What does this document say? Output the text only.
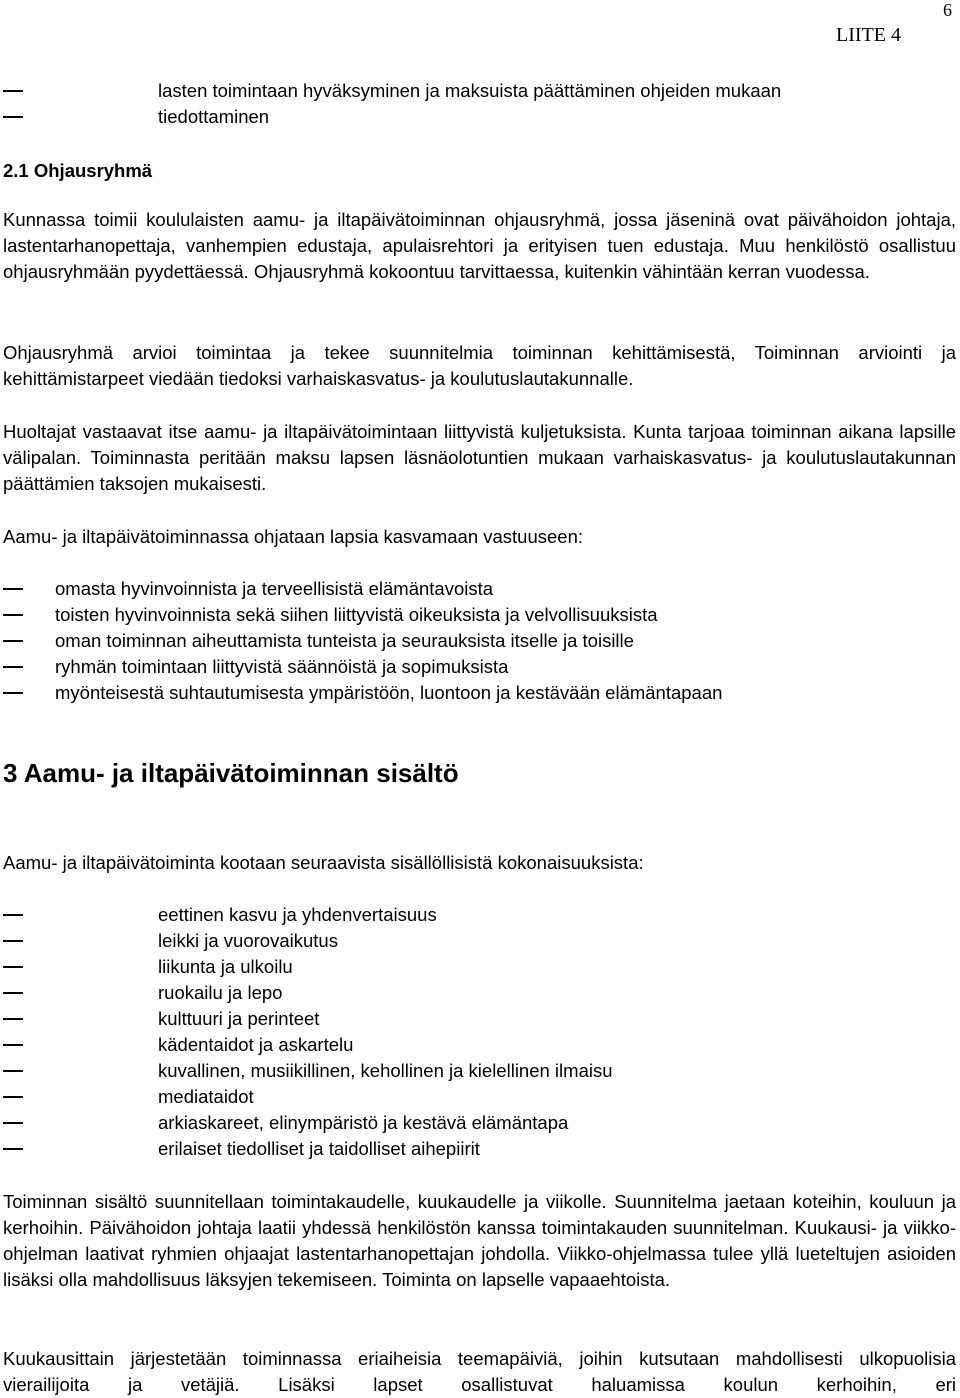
6
LIITE 4
lasten toimintaan hyväksyminen ja maksuista päättäminen ohjeiden mukaan
tiedottaminen
2.1 Ohjausryhmä

Kunnassa toimii koululaisten aamu- ja iltapäivätoiminnan ohjausryhmä, jossa jäseninä ovat päivähoidon johtaja, lastentarhanopettaja, vanhempien edustaja, apulaisrehtori ja erityisen tuen edustaja. Muu henkilöstö osallistuu ohjausryhmään pyydettäessä. Ohjausryhmä kokoontuu tarvittaessa, kuitenkin vähintään kerran vuodessa.

Ohjausryhmä arvioi toimintaa ja tekee suunnitelmia toiminnan kehittämisestä, Toiminnan arviointi ja kehittämistarpeet viedään tiedoksi varhaiskasvatus- ja koulutuslautakunnalle.

Huoltajat vastaavat itse aamu- ja iltapäivätoimintaan liittyvistä kuljetuksista. Kunta tarjoaa toiminnan aikana lapsille välipalan. Toiminnasta peritään maksu lapsen läsnäolotuntien mukaan varhaiskasvatus- ja koulutuslautakunnan päättämien taksojen mukaisesti.

Aamu- ja iltapäivätoiminnassa ohjataan lapsia kasvamaan vastuuseen:

omasta hyvinvoinnista ja terveellisistä elämäntavoista
toisten hyvinvoinnista sekä siihen liittyvistä oikeuksista ja velvollisuuksista
oman toiminnan aiheuttamista tunteista ja seurauksista itselle ja toisille
ryhmän toimintaan liittyvistä säännöistä ja sopimuksista
myönteisestä suhtautumisesta ympäristöön, luontoon ja kestävään elämäntapaan
3 Aamu- ja iltapäivätoiminnan sisältö

Aamu- ja iltapäivätoiminta kootaan seuraavista sisällöllisistä kokonaisuuksista:

eettinen kasvu ja yhdenvertaisuus
leikki ja vuorovaikutus
liikunta ja ulkoilu
ruokailu ja lepo
kulttuuri ja perinteet
kädentaidot ja askartelu
kuvallinen, musiikillinen, kehollinen ja kielellinen ilmaisu
mediataidot
arkiaskareet, elinympäristö ja kestävä elämäntapa
erilaiset tiedolliset ja taidolliset aihepiirit

Toiminnan sisältö suunnitellaan toimintakaudelle, kuukaudelle ja viikolle. Suunnitelma jaetaan koteihin, kouluun ja kerhoihin. Päivähoidon johtaja laatii yhdessä henkilöstön kanssa toimintakauden suunnitelman. Kuukausi- ja viikko-ohjelman laativat ryhmien ohjaajat lastentarhanopettajan johdolla. Viikko-ohjelmassa tulee yllä lueteltujen asioiden lisäksi olla mahdollisuus läksyjen tekemiseen. Toiminta on lapselle vapaaehtoista.

Kuukausittain järjestetään toiminnassa eriaiheisia teemapäiviä, joihin kutsutaan mahdollisesti ulkopuolisia vierailijoita ja vetäjiä. Lisäksi lapset osallistuvat haluamissa koulun kerhoihin, eri
